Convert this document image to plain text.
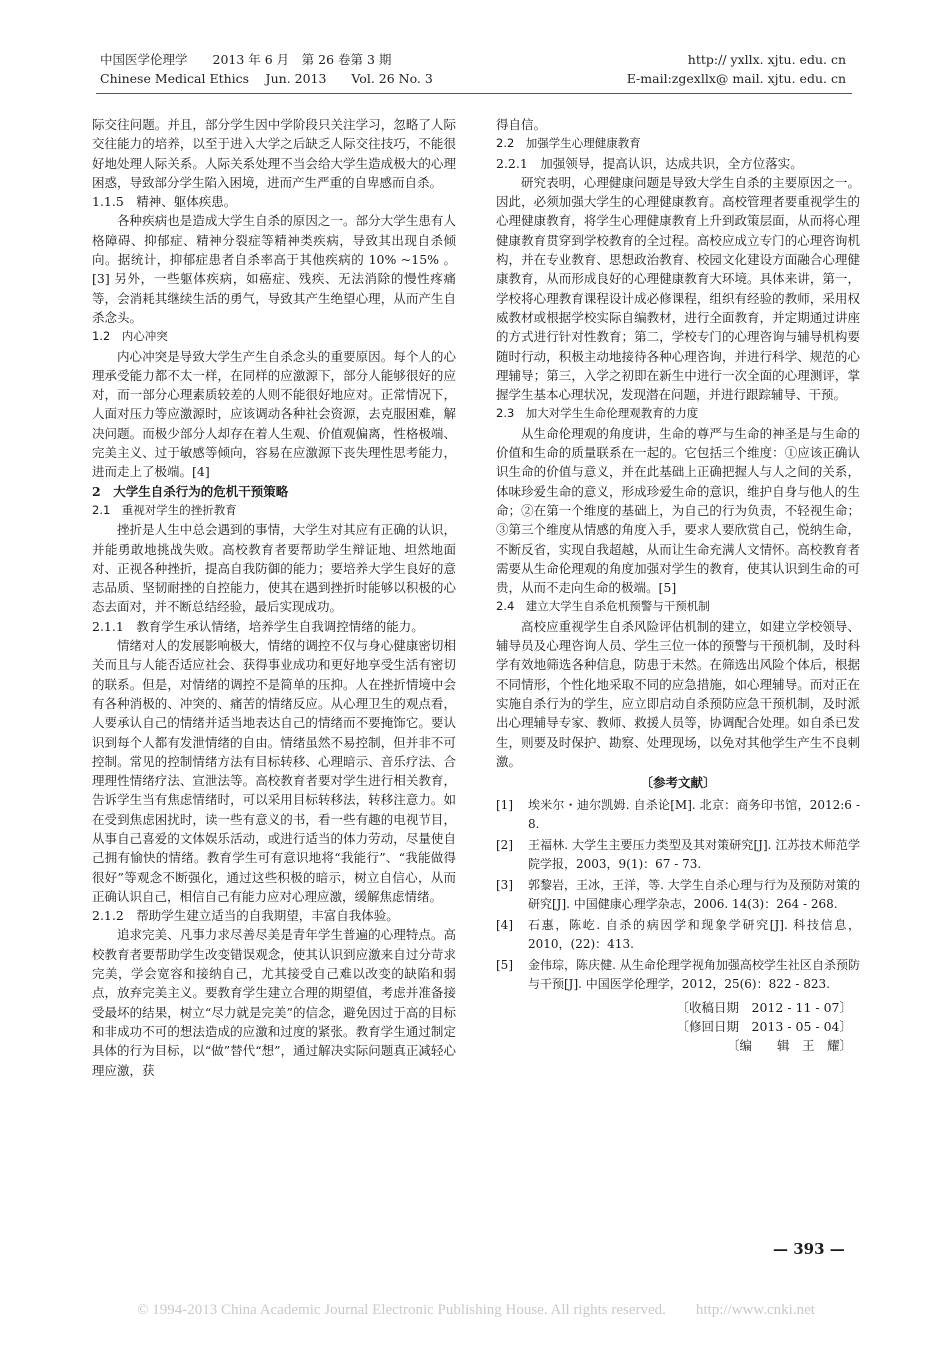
中国医学伦理学　　2013 年 6 月　第 26 卷第 3 期
Chinese Medical Ethics　 Jun. 2013　　Vol. 26 No. 3
http:// yxllx. xjtu. edu. cn
E-mail:zgexllx@ mail. xjtu. edu. cn
际交往问题。并且，部分学生因中学阶段只关注学习，忽略了人际交往能力的培养，以至于进入大学之后缺乏人际交往技巧，不能很好地处理人际关系。人际关系处理不当会给大学生造成极大的心理困惑，导致部分学生陷入困境，进而产生严重的自卑感而自杀。
1.1.5　精神、躯体疾患。
各种疾病也是造成大学生自杀的原因之一。部分大学生患有人格障碍、抑郁症、精神分裂症等精神类疾病，导致其出现自杀倾向。据统计，抑郁症患者自杀率高于其他疾病的 10% ~15% 。[3] 另外，一些躯体疾病，如癌症、残疾、无法消除的慢性疼痛等，会消耗其继续生活的勇气，导致其产生绝望心理，从而产生自杀念头。
1.2　内心冲突
内心冲突是导致大学生产生自杀念头的重要原因。每个人的心理承受能力都不太一样，在同样的应激源下，部分人能够很好的应对，而一部分心理素质较差的人则不能很好地应对。正常情况下，人面对压力等应激源时，应该调动各种社会资源，去克服困难，解决问题。而极少部分人却存在着人生观、价值观偏离，性格极端、完美主义、过于敏感等倾向，容易在应激源下丧失理性思考能力，进而走上了极端。[4]
2　大学生自杀行为的危机干预策略
2.1　重视对学生的挫折教育
挫折是人生中总会遇到的事情，大学生对其应有正确的认识，并能勇敢地挑战失败。高校教育者要帮助学生辩证地、坦然地面对、正视各种挫折，提高自我防御的能力；要培养大学生良好的意志品质、坚韧耐挫的自控能力，使其在遇到挫折时能够以积极的心态去面对，并不断总结经验，最后实现成功。
2.1.1　教育学生承认情绪，培养学生自我调控情绪的能力。
情绪对人的发展影响极大，情绪的调控不仅与身心健康密切相关而且与人能否适应社会、获得事业成功和更好地享受生活有密切的联系。但是，对情绪的调控不是简单的压抑。人在挫折情境中会有各种消极的、冲突的、痛苦的情绪反应。从心理卫生的观点看，人要承认自己的情绪并适当地表达自己的情绪而不要掩饰它。要认识到每个人都有发泄情绪的自由。情绪虽然不易控制，但并非不可控制。常见的控制情绪方法有目标转移、心理暗示、音乐疗法、合理理性情绪疗法、宣泄法等。高校教育者要对学生进行相关教育，告诉学生当有焦虑情绪时，可以采用目标转移法，转移注意力。如在受到焦虑困扰时，读一些有意义的书，看一些有趣的电视节目，从事自己喜爱的文体娱乐活动，或进行适当的体力劳动，尽量使自己拥有愉快的情绪。教育学生可有意识地将“我能行”、“我能做得很好”等观念不断强化，通过这些积极的暗示，树立自信心，从而正确认识自己，相信自己有能力应对心理应激，缓解焦虑情绪。
2.1.2　帮助学生建立适当的自我期望，丰富自我体验。
追求完美、凡事力求尽善尽美是青年学生普遍的心理特点。高校教育者要帮助学生改变错误观念，使其认识到应激来自过分苛求完美，学会宽容和接纳自己，尤其接受自己难以改变的缺陷和弱点，放弃完美主义。要教育学生建立合理的期望值，考虑并准备接受最坏的结果，树立“尽力就是完美”的信念，避免因过于高的目标和非成功不可的想法造成的应激和过度的紧张。教育学生通过制定具体的行为目标，以“做”替代“想”，通过解决实际问题真正减轻心理应激，获
得自信。
2.2　加强学生心理健康教育
2.2.1　加强领导，提高认识，达成共识，全方位落实。
研究表明，心理健康问题是导致大学生自杀的主要原因之一。因此，必须加强大学生的心理健康教育。高校管理者要重视学生的心理健康教育，将学生心理健康教育上升到政策层面，从而将心理健康教育贯穿到学校教育的全过程。高校应成立专门的心理咨询机构，并在专业教育、思想政治教育、校园文化建设方面融合心理健康教育，从而形成良好的心理健康教育大环境。具体来讲，第一，学校将心理教育课程设计成必修课程，组织有经验的教师，采用权威教材或根据学校实际自编教材，进行全面教育，并定期通过讲座的方式进行针对性教育；第二，学校专门的心理咨询与辅导机构要随时行动，积极主动地接待各种心理咨询，并进行科学、规范的心理辅导；第三，入学之初即在新生中进行一次全面的心理测评，掌握学生基本心理状况，发现潜在问题，并进行跟踪辅导、干预。
2.3　加大对学生生命伦理观教育的力度
从生命伦理观的角度讲，生命的尊严与生命的神圣是与生命的价值和生命的质量联系在一起的。它包括三个维度：①应该正确认识生命的价值与意义，并在此基础上正确把握人与人之间的关系，体味珍爱生命的意义，形成珍爱生命的意识，维护自身与他人的生命；②在第一个维度的基础上，为自己的行为负责，不轻视生命；③第三个维度从情感的角度入手，要求人要欣赏自己，悦纳生命，不断反省，实现自我超越，从而让生命充满人文情怀。高校教育者需要从生命伦理观的角度加强对学生的教育，使其认识到生命的可贵，从而不走向生命的极端。[5]
2.4　建立大学生自杀危机预警与干预机制
高校应重视学生自杀风险评估机制的建立，如建立学校领导、辅导员及心理咨询人员、学生三位一体的预警与干预机制，及时科学有效地筛选各种信息，防患于未然。在筛选出风险个体后，根据不同情形，个性化地采取不同的应急措施，如心理辅导。而对正在实施自杀行为的学生，应立即启动自杀预防应急干预机制，及时派出心理辅导专家、教师、救援人员等，协调配合处理。如自杀已发生，则要及时保护、勘察、处理现场，以免对其他学生产生不良刺激。
〔参考文献〕
[1]	埃米尔・迪尔凯姆. 自杀论[M]. 北京：商务印书馆，2012:6 - 8.
[2]	王福林. 大学生主要压力类型及其对策研究[J]. 江苏技术师范学院学报，2003，9(1)：67 - 73.
[3]	郭黎岩，王冰，王洋，等. 大学生自杀心理与行为及预防对策的研究[J]. 中国健康心理学杂志，2006. 14(3)：264 - 268.
[4]	石惠，陈屹. 自杀的病因学和现象学研究[J]. 科技信息，2010，(22)：413.
[5]	金伟琮，陈庆健. 从生命伦理学视角加强高校学生社区自杀预防与干预[J]. 中国医学伦理学，2012，25(6)：822 - 823.
〔收稿日期　2012 - 11 - 07〕
〔修回日期　2013 - 05 - 04〕
〔编　　辑　王　耀〕
— 393 —
© 1994-2013 China Academic Journal Electronic Publishing House. All rights reserved.　　http://www.cnki.net
